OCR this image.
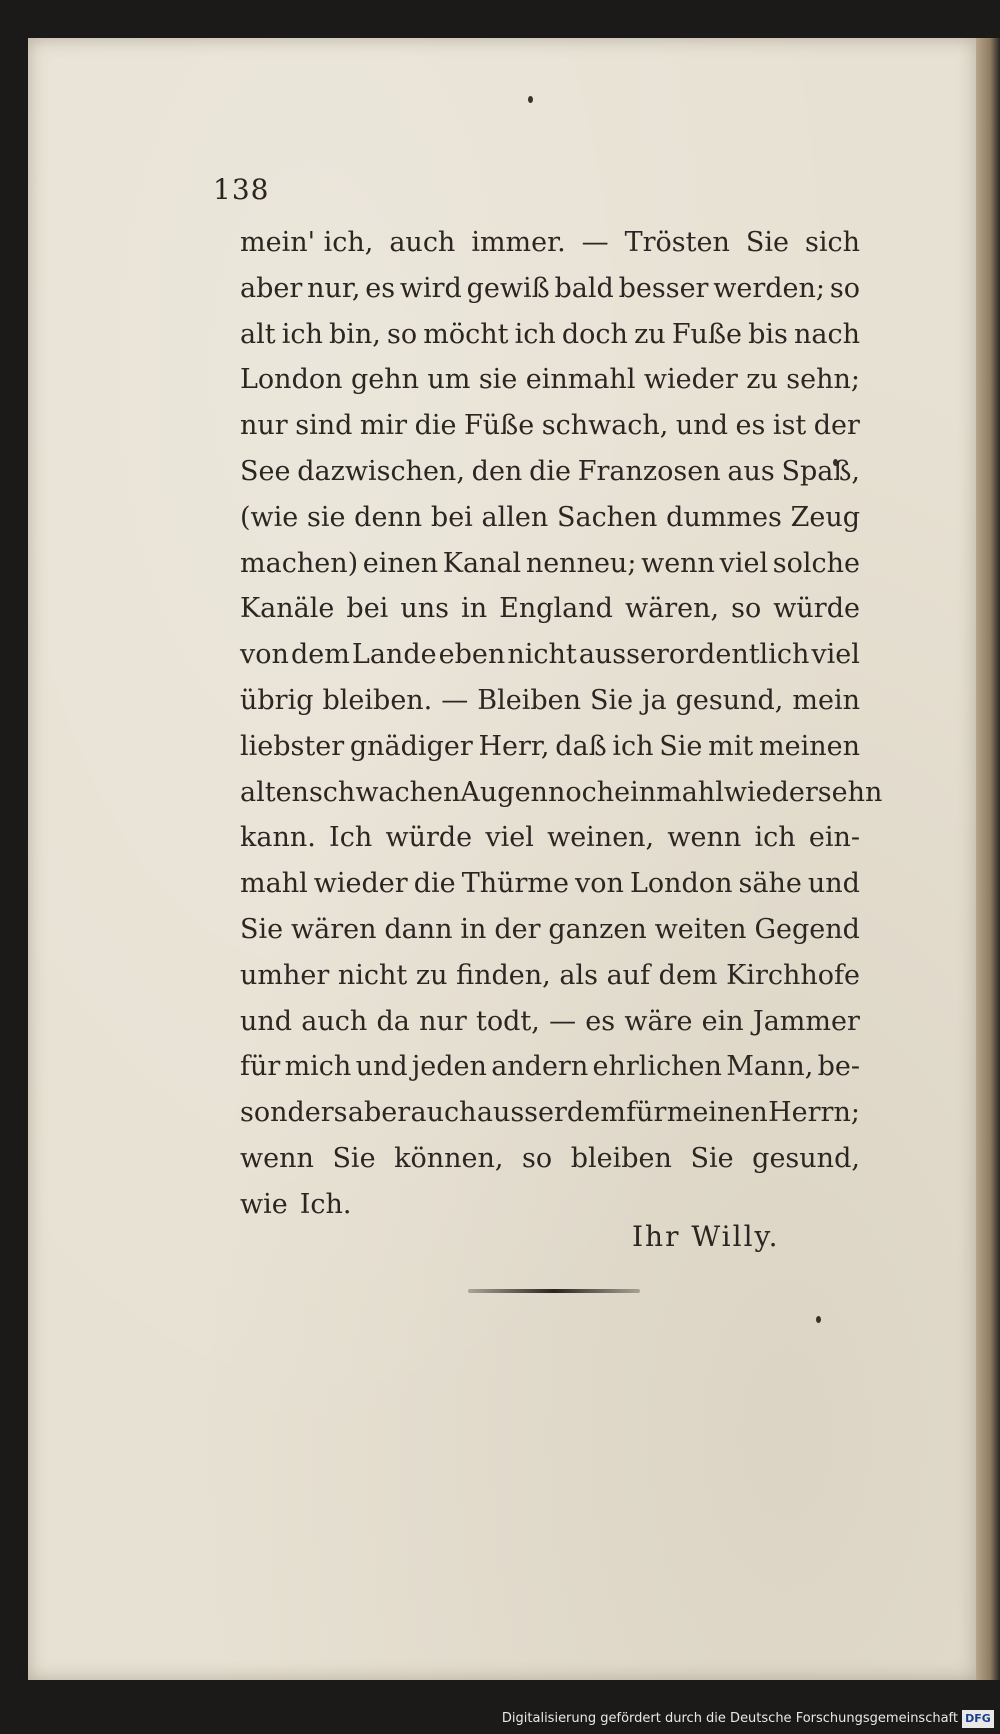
138
mein' ich, auch immer. — Trösten Sie sich
aber nur, es wird gewiß bald besser werden; so
alt ich bin, so möcht ich doch zu Fuße bis nach
London gehn um sie einmahl wieder zu sehn;
nur sind mir die Füße schwach, und es ist der
See dazwischen, den die Franzosen aus Spaß,
(wie sie denn bei allen Sachen dummes Zeug
machen) einen Kanal nenneu; wenn viel solche
Kanäle bei uns in England wären, so würde
von dem Lande eben nicht ausserordentlich viel
übrig bleiben. — Bleiben Sie ja gesund, mein
liebster gnädiger Herr, daß ich Sie mit meinen
alten schwachen Augen noch einmahl wiedersehn
kann. Ich würde viel weinen, wenn ich ein-
mahl wieder die Thürme von London sähe und
Sie wären dann in der ganzen weiten Gegend
umher nicht zu finden, als auf dem Kirchhofe
und auch da nur todt, — es wäre ein Jammer
für mich und jeden andern ehrlichen Mann, be-
sonders aber auch ausserdem für meinen Herrn;
wenn Sie können, so bleiben Sie gesund,
wie Ich.
Ihr Willy.
Digitalisierung gefördert durch die Deutsche Forschungsgemeinschaft DFG
